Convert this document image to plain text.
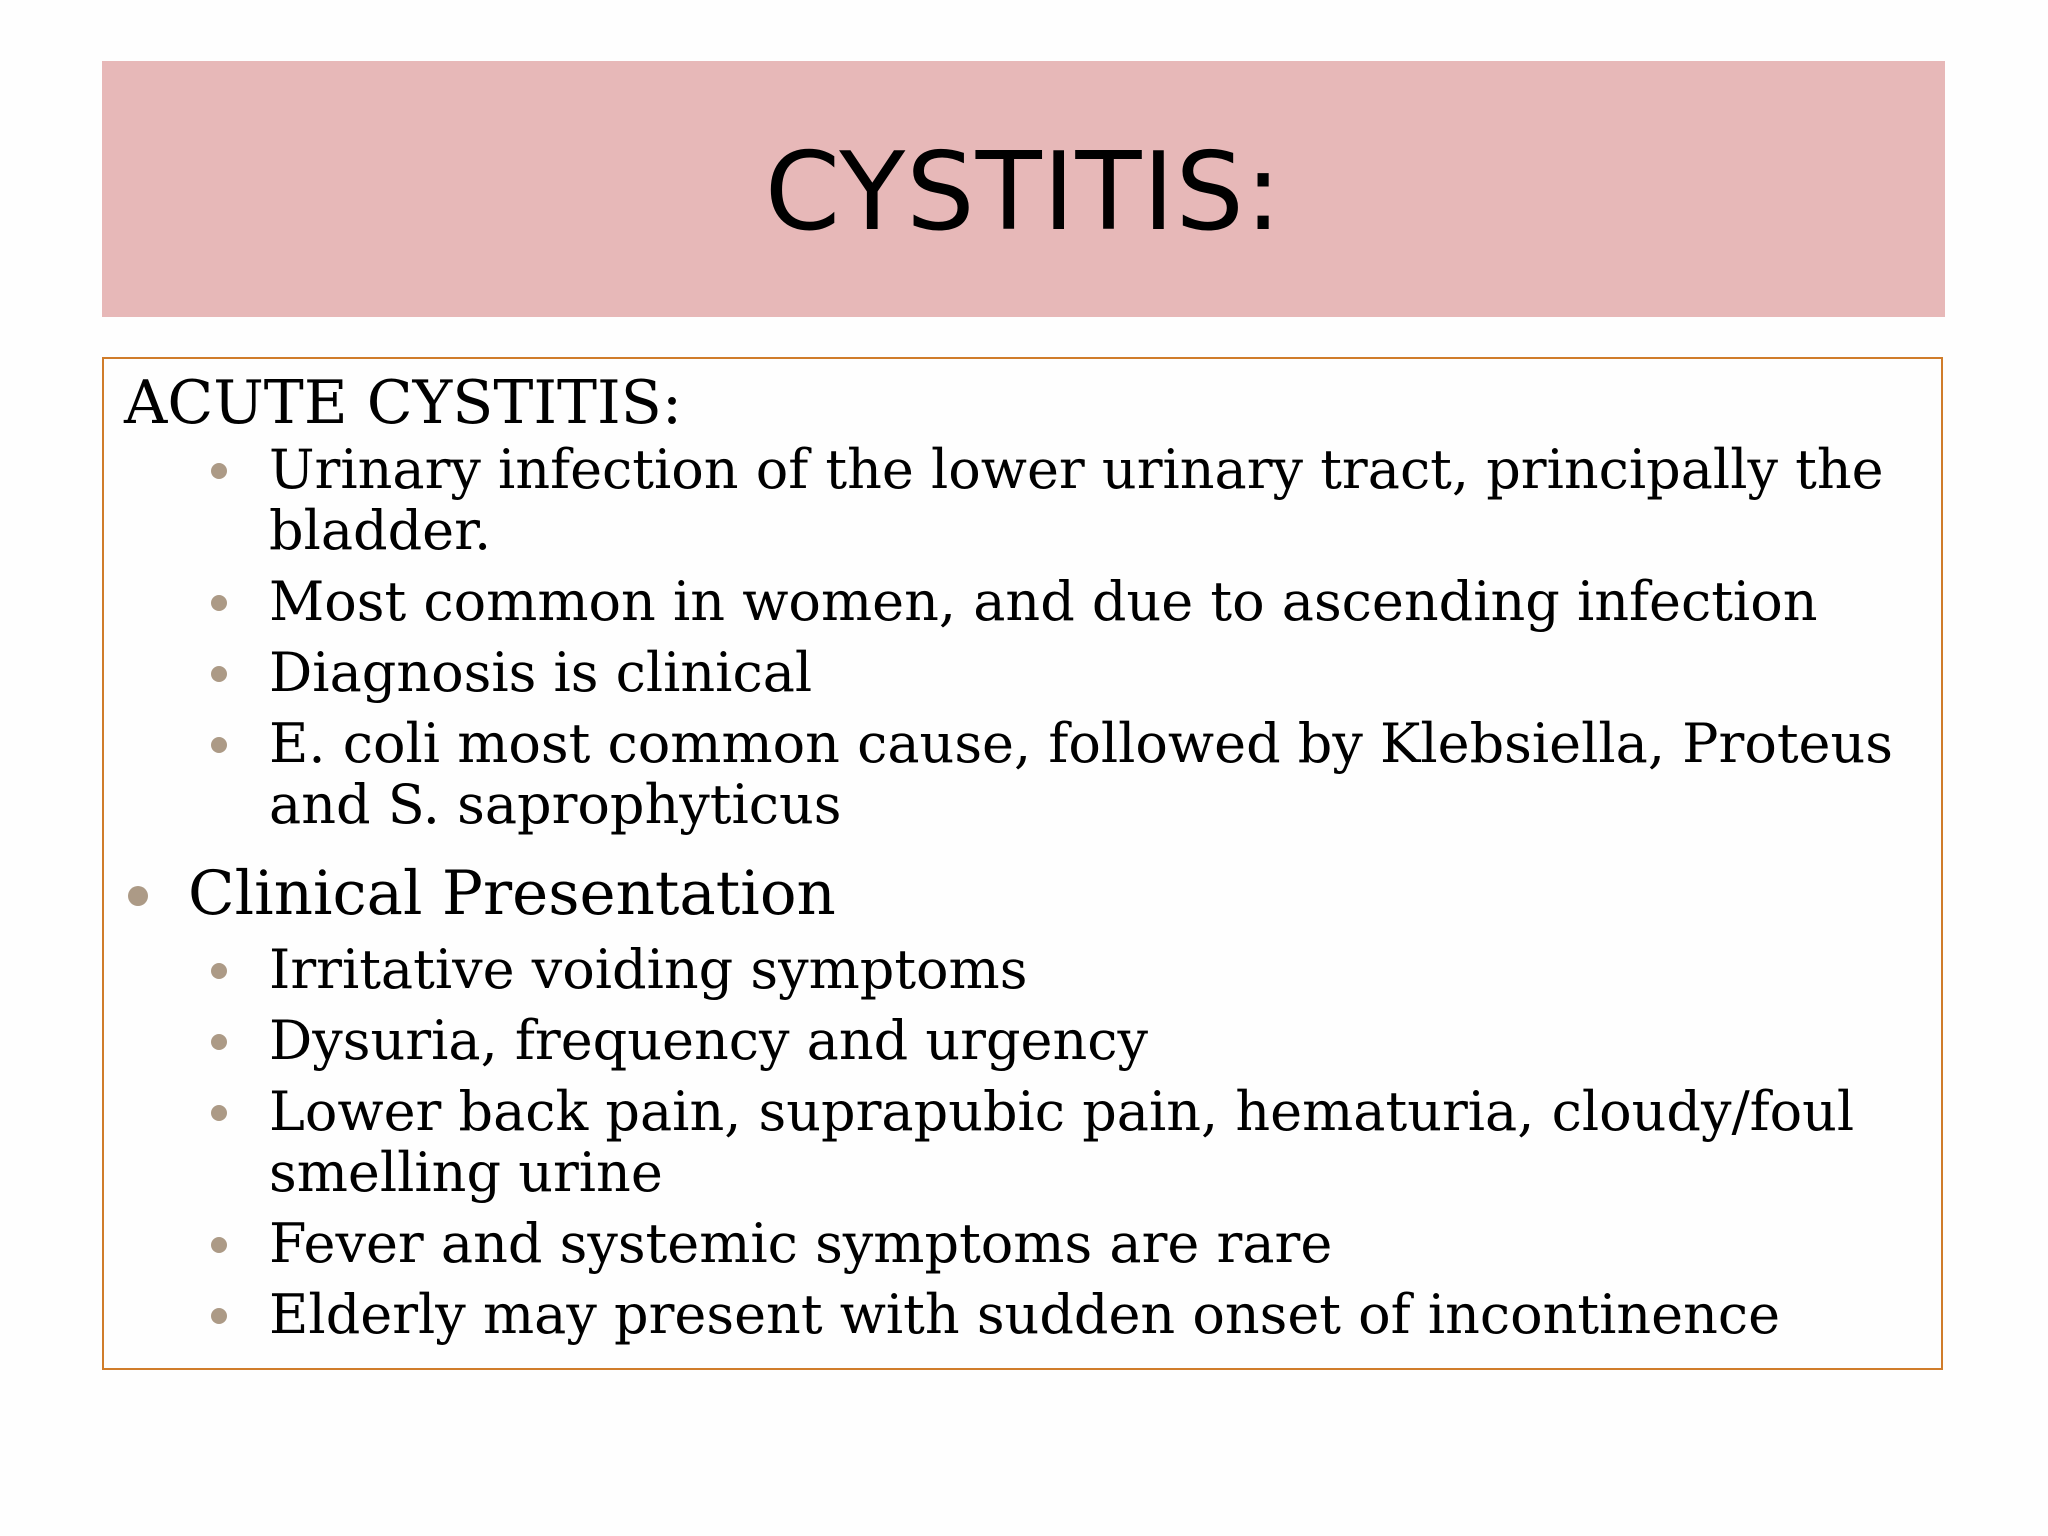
CYSTITIS:
ACUTE CYSTITIS:
Urinary infection of the lower urinary tract, principally the bladder.
Most common in women, and due to ascending infection
Diagnosis is clinical
E. coli most common cause, followed by Klebsiella, Proteus and S. saprophyticus
Clinical Presentation
Irritative voiding symptoms
Dysuria, frequency and urgency
Lower back pain, suprapubic pain, hematuria, cloudy/foul smelling urine
Fever and systemic symptoms are rare
Elderly may present with sudden onset of incontinence
